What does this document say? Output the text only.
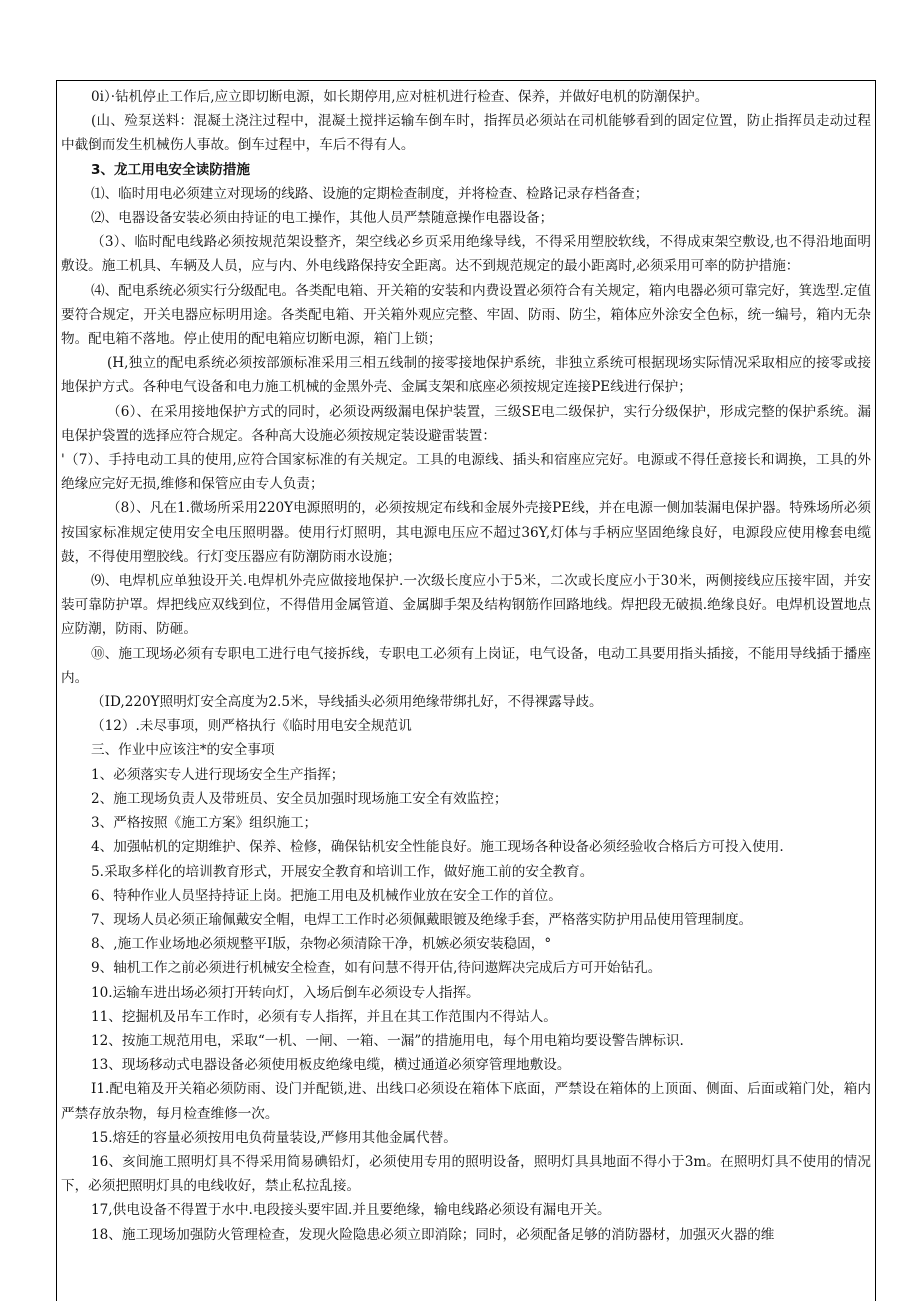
0i）·钻机停止工作后,应立即切断电源，如长期停用,应对桩机进行检查、保养，并做好电机的防潮保护。

(山、殓泵送料：混凝土浇注过程中，混凝土搅拌运输车倒车时，指挥员必须站在司机能够看到的固定位置，防止指挥员走动过程中截倒而发生机械伤人事故。倒车过程中，车后不得有人。

3、龙工用电安全读防措施

⑴、临时用电必须建立对现场的线路、设施的定期检查制度，并将检查、检路记录存档备查；

⑵、电器设备安装必须由持证的电工操作，其他人员严禁随意操作电器设备；

（3）、临时配电线路必须按规范架设整齐，架空线必乡页采用绝缘导线，不得采用塑胶软线，不得成束架空敷设,也不得沿地面明敷设。施工机具、车辆及人员，应与内、外电线路保持安全距离。达不到规范规定的最小距离时,必须采用可率的防护措施：

⑷、配电系统必须实行分级配电。各类配电箱、开关箱的安装和内费设置必须符合有关规定，箱内电器必须可靠完好，箕选型.定值要符合规定，开关电器应标明用途。各类配电箱、开关箱外观应完整、牢固、防雨、防尘，箱体应外涂安全色标，统一编号，箱内无杂物。配电箱不落地。停止使用的配电箱应切断电源，箱门上锁；

(H,独立的配电系统必须按部颁标准采用三相五线制的接零接地保护系统，非独立系统可根据现场实际情况采取相应的接零或接地保护方式。各种电气设备和电力施工机械的金黑外壳、金属支架和底座必须按规定连接PE线进行保护；

（6）、在采用接地保护方式的同时，必须设两级漏电保护装置，三级SE电二级保护，实行分级保护，形成完整的保护系统。漏电保护袋置的选择应符合规定。各种高大设施必须按规定装设避雷装置：

'（7）、手持电动工具的使用,应符合国家标准的有关规定。工具的电源线、插头和宿座应完好。电源或不得任意接长和调换，工具的外绝缘应完好无损,维修和保管应由专人负责；

（8）、凡在1.微场所采用220Y电源照明的，必须按规定布线和金展外壳接PE线，并在电源一侧加装漏电保护器。特殊场所必须按国家标准规定使用安全电压照明器。使用行灯照明，其电源电压应不超过36Y,灯体与手柄应坚固绝缘良好，电源段应使用橡套电缆鼓，不得使用塑胶线。行灯变压器应有防潮防雨水设施；

⑼、电焊机应单独设开关.电焊机外壳应做接地保护.一次级长度应小于5米，二次或长度应小于30米，两侧接线应压接牢固，并安装可靠防护罩。焊把线应双线到位，不得借用金属管道、金属脚手架及结构钢筋作回路地线。焊把段无破损.绝缘良好。电焊机设置地点应防潮，防雨、防砸。

⑩、施工现场必须有专职电工进行电气接拆线，专职电工必须有上岗证，电气设备，电动工具要用指头插接，不能用导线插于播座内。

（ID,220Y照明灯安全高度为2.5米，导线插头必须用绝缘带绑扎好，不得裸露导歧。

（12）.未尽事项，则严格执行《临时用电安全规范讥

三、作业中应该注*的安全事项

1、必须落实专人进行现场安全生产指挥；

2、施工现场负责人及带班员、安全员加强时现场施工安全有效监控；

3、严格按照《施工方案》组织施工；

4、加强帖机的定期维护、保养、检修，确保钻机安全性能良好。施工现场各种设备必须经验收合格后方可投入使用.

5.采取多样化的培训教育形式，开展安全教育和培训工作，做好施工前的安全教育。

6、特种作业人员坚持持证上岗。把施工用电及机械作业放在安全工作的首位。

7、现场人员必须正瑜佩戴安全帽，电焊工工作时必须佩戴眼镀及绝缘手套，严格落实防护用品使用管理制度。

8、,施工作业场地必须规整平I版，杂物必须清除干净，机嫉必须安装稳固，°

9、轴机工作之前必须进行机械安全检查，如有问慧不得开估,待问遨辉决完成后方可开始钻孔。

10.运输车进出场必须打开转向灯，入场后倒车必须设专人指挥。

11、挖掘机及吊车工作时，必须有专人指挥，并且在其工作范围内不得站人。

12、按施工规范用电，采取“一机、一闸、一箱、一漏”的措施用电，每个用电箱均要设警告牌标识.

13、现场移动式电器设备必须使用板皮绝缘电缆，横过通道必须穿管理地敷设。

I1.配电箱及开关箱必须防雨、设门并配锁,进、出线口必须设在箱体下底面，严禁设在箱体的上顶面、侧面、后面或箱门处，箱内严禁存放杂物，每月检查维修一次。

15.熔廷的容量必须按用电负荷量装设,严修用其他金属代替。

16、亥间施工照明灯具不得采用简易碘铅灯，必须使用专用的照明设备，照明灯具具地面不得小于3m。在照明灯具不使用的情况下，必须把照明灯具的电线收好，禁止私拉乱接。

17,供电设备不得置于水中.电段接头要牢固.并且要绝缘，输电线路必须设有漏电开关。

18、施工现场加强防火管理检查，发现火险隐患必须立即消除；同时，必须配备足够的消防器材，加强灭火器的维
